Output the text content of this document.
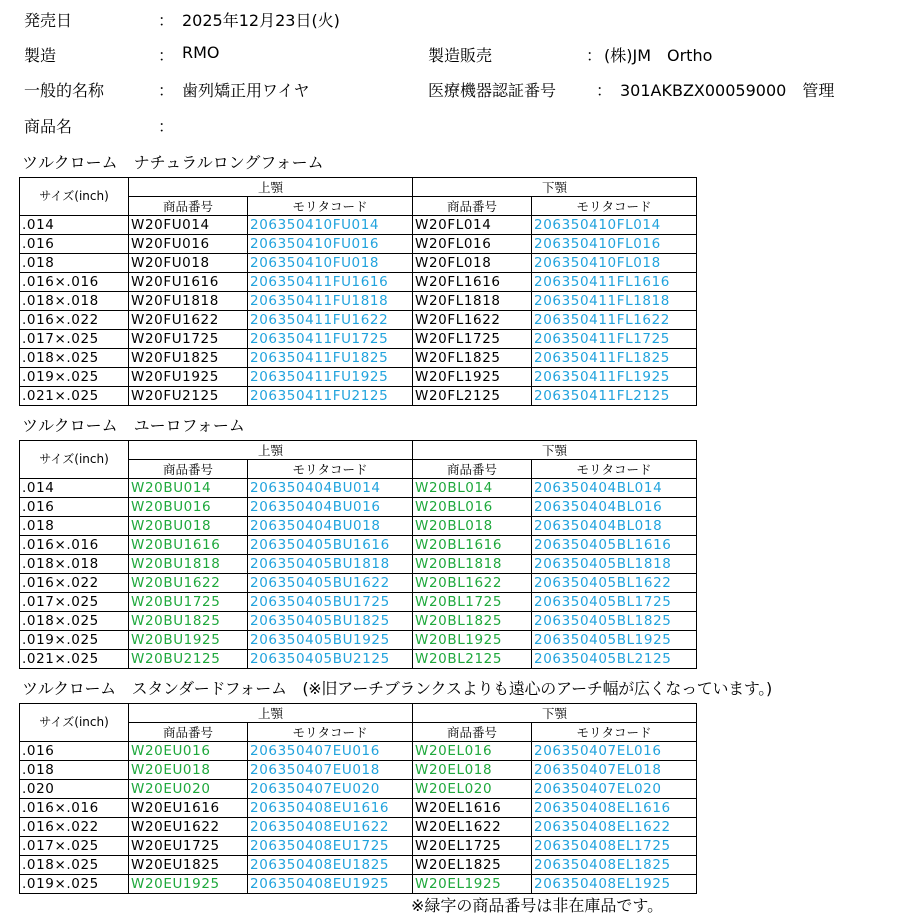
発売日	： 2025年12月23日(火)
製造	： RMO	製造販売	： (株)JM　Ortho
一般的名称	： 歯列矯正用ワイヤ	医療機器認証番号 ： 301AKBZX00059000　管理
商品名	：
ツルクローム　ナチュラルロングフォーム
サイズ(inch)	上顎		下顎	
	商品番号	モリタコード	商品番号	モリタコード
.014	W20FU014	206350410FU014	W20FL014	206350410FL014
.016	W20FU016	206350410FU016	W20FL016	206350410FL016
.018	W20FU018	206350410FU018	W20FL018	206350410FL018
.016×.016	W20FU1616	206350411FU1616	W20FL1616	206350411FL1616
.018×.018	W20FU1818	206350411FU1818	W20FL1818	206350411FL1818
.016×.022	W20FU1622	206350411FU1622	W20FL1622	206350411FL1622
.017×.025	W20FU1725	206350411FU1725	W20FL1725	206350411FL1725
.018×.025	W20FU1825	206350411FU1825	W20FL1825	206350411FL1825
.019×.025	W20FU1925	206350411FU1925	W20FL1925	206350411FL1925
.021×.025	W20FU2125	206350411FU2125	W20FL2125	206350411FL2125
ツルクローム　ユーロフォーム
サイズ(inch)	上顎		下顎	
	商品番号	モリタコード	商品番号	モリタコード
.014	W20BU014	206350404BU014	W20BL014	206350404BL014
.016	W20BU016	206350404BU016	W20BL016	206350404BL016
.018	W20BU018	206350404BU018	W20BL018	206350404BL018
.016×.016	W20BU1616	206350405BU1616	W20BL1616	206350405BL1616
.018×.018	W20BU1818	206350405BU1818	W20BL1818	206350405BL1818
.016×.022	W20BU1622	206350405BU1622	W20BL1622	206350405BL1622
.017×.025	W20BU1725	206350405BU1725	W20BL1725	206350405BL1725
.018×.025	W20BU1825	206350405BU1825	W20BL1825	206350405BL1825
.019×.025	W20BU1925	206350405BU1925	W20BL1925	206350405BL1925
.021×.025	W20BU2125	206350405BU2125	W20BL2125	206350405BL2125
ツルクローム　スタンダードフォーム　(※旧アーチブランクスよりも遠心のアーチ幅が広くなっています。)
サイズ(inch)	上顎		下顎	
	商品番号	モリタコード	商品番号	モリタコード
.016	W20EU016	206350407EU016	W20EL016	206350407EL016
.018	W20EU018	206350407EU018	W20EL018	206350407EL018
.020	W20EU020	206350407EU020	W20EL020	206350407EL020
.016×.016	W20EU1616	206350408EU1616	W20EL1616	206350408EL1616
.016×.022	W20EU1622	206350408EU1622	W20EL1622	206350408EL1622
.017×.025	W20EU1725	206350408EU1725	W20EL1725	206350408EL1725
.018×.025	W20EU1825	206350408EU1825	W20EL1825	206350408EL1825
.019×.025	W20EU1925	206350408EU1925	W20EL1925	206350408EL1925
※緑字の商品番号は非在庫品です。
